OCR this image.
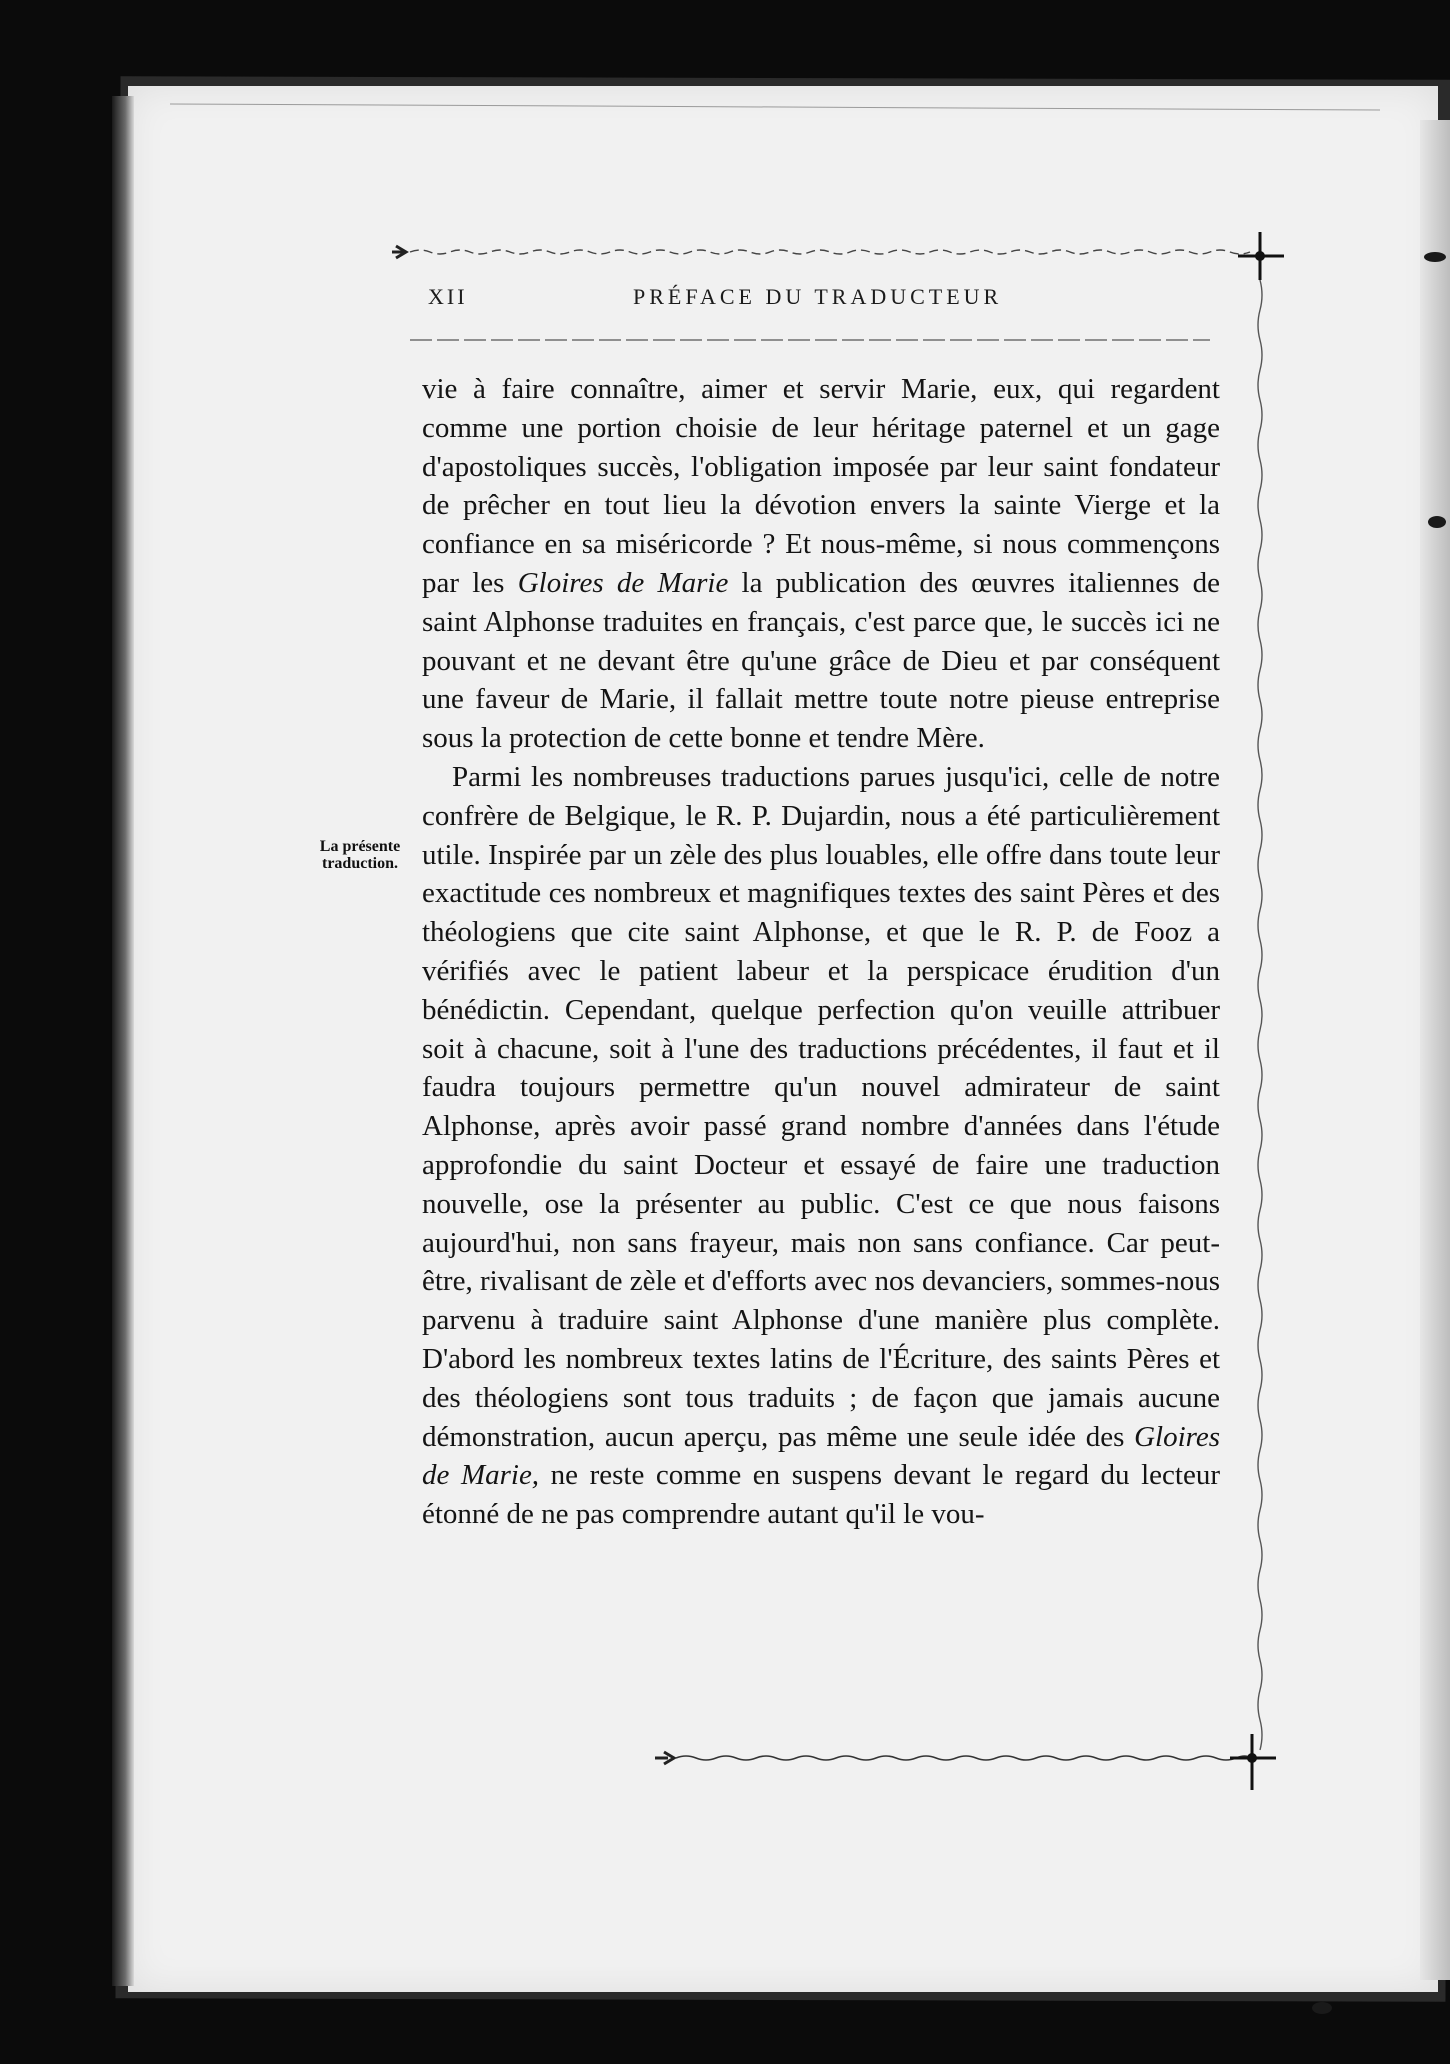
XII	PRÉFACE DU TRADUCTEUR
La présente
traduction.

vie à faire connaître, aimer et servir Marie, eux, qui regardent comme une portion choisie de leur héritage paternel et un gage d'apostoliques succès, l'obligation imposée par leur saint fondateur de prêcher en tout lieu la dévotion envers la sainte Vierge et la confiance en sa miséricorde ? Et nous-même, si nous commençons par les Gloires de Marie la publication des œuvres italiennes de saint Alphonse traduites en français, c'est parce que, le succès ici ne pouvant et ne devant être qu'une grâce de Dieu et par conséquent une faveur de Marie, il fallait mettre toute notre pieuse entreprise sous la protection de cette bonne et tendre Mère.

Parmi les nombreuses traductions parues jusqu'ici, celle de notre confrère de Belgique, le R. P. Dujardin, nous a été particulièrement utile. Inspirée par un zèle des plus louables, elle offre dans toute leur exactitude ces nombreux et magnifiques textes des saint Pères et des théologiens que cite saint Alphonse, et que le R. P. de Fooz a vérifiés avec le patient labeur et la perspicace érudition d'un bénédictin. Cependant, quelque perfection qu'on veuille attribuer soit à chacune, soit à l'une des traductions précédentes, il faut et il faudra toujours permettre qu'un nouvel admirateur de saint Alphonse, après avoir passé grand nombre d'années dans l'étude approfondie du saint Docteur et essayé de faire une traduction nouvelle, ose la présenter au public. C'est ce que nous faisons aujourd'hui, non sans frayeur, mais non sans confiance. Car peut-être, rivalisant de zèle et d'efforts avec nos devanciers, sommes-nous parvenu à traduire saint Alphonse d'une manière plus complète. D'abord les nombreux textes latins de l'Écriture, des saints Pères et des théologiens sont tous traduits ; de façon que jamais aucune démonstration, aucun aperçu, pas même une seule idée des Gloires de Marie, ne reste comme en suspens devant le regard du lecteur étonné de ne pas comprendre autant qu'il le vou-
